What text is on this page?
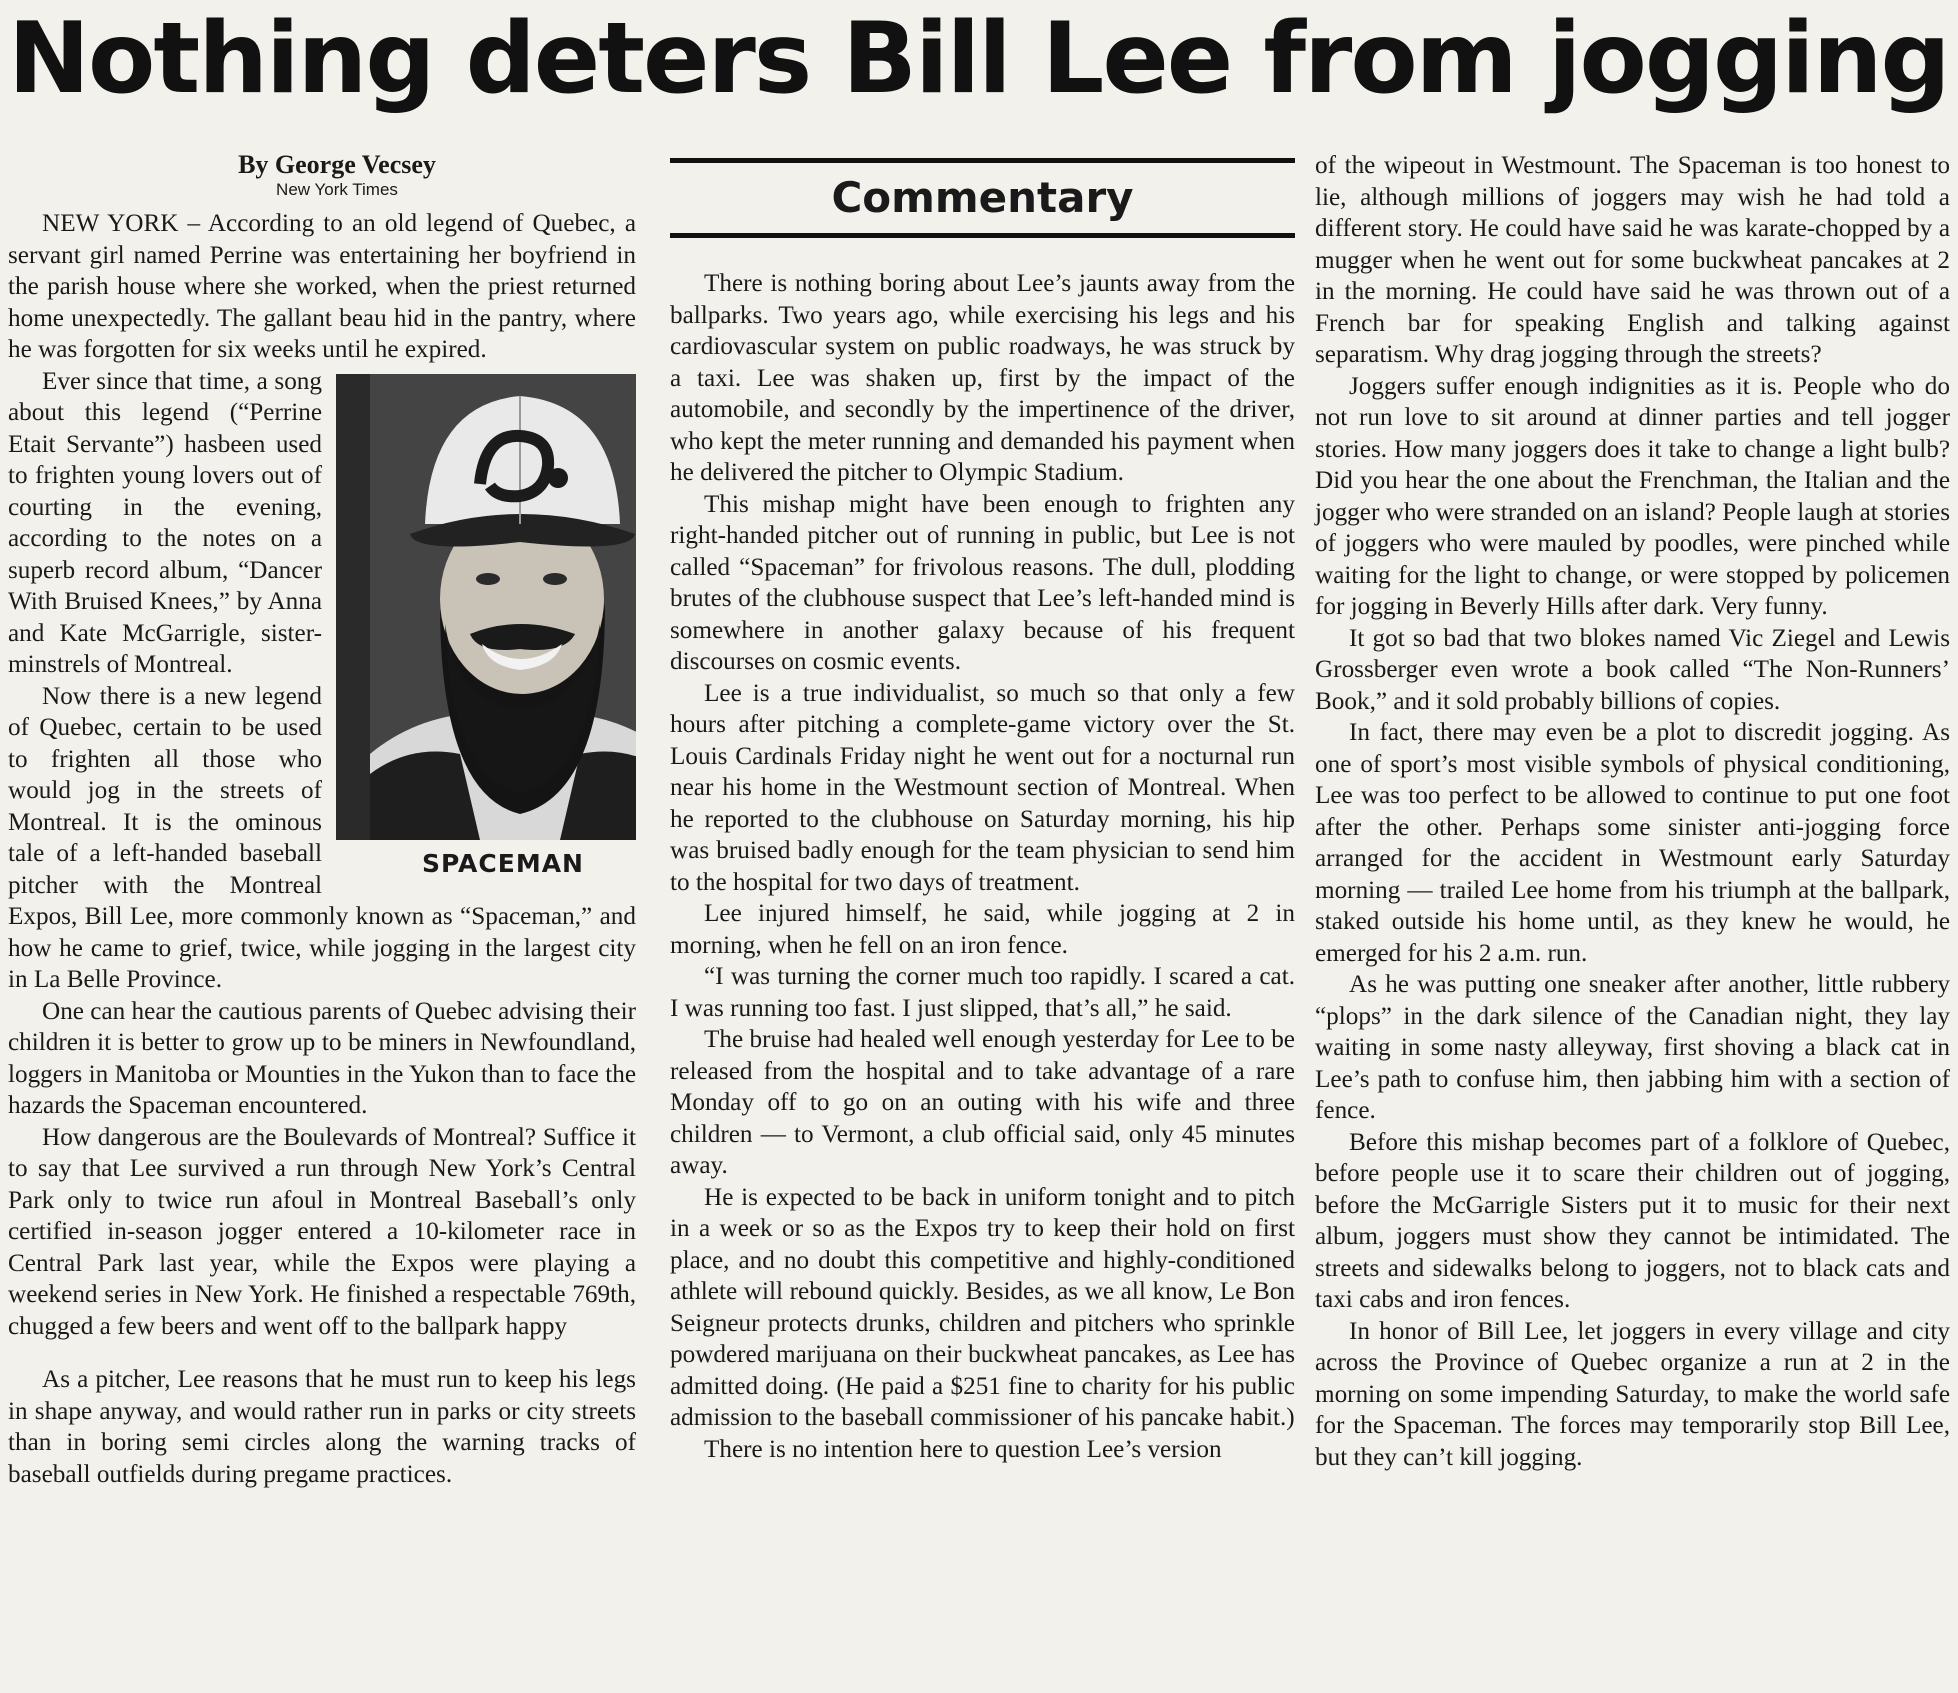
Nothing deters Bill Lee from jogging
By George Vecsey
New York Times

NEW YORK – According to an old legend of Quebec, a servant girl named Perrine was entertaining her boyfriend in the parish house where she worked, when the priest returned home unexpectedly. The gallant beau hid in the pantry, where he was forgotten for six weeks until he expired.

SPACEMAN
Ever since that time, a song about this legend (“Perrine Etait Servante”) hasbeen used to frighten young lovers out of courting in the evening, according to the notes on a superb record album, “Dancer With Bruised Knees,” by Anna and Kate McGarrigle, sister-minstrels of Montreal.

Now there is a new legend of Quebec, certain to be used to frighten all those who would jog in the streets of Montreal. It is the ominous tale of a left-handed baseball pitcher with the Montreal Expos, Bill Lee, more commonly known as “Spaceman,” and how he came to grief, twice, while jogging in the largest city in La Belle Province.

One can hear the cautious parents of Quebec advising their children it is better to grow up to be miners in Newfoundland, loggers in Manitoba or Mounties in the Yukon than to face the hazards the Spaceman encountered.

How dangerous are the Boulevards of Montreal? Suffice it to say that Lee survived a run through New York’s Central Park only to twice run afoul in Montreal Baseball’s only certified in-season jogger entered a 10-kilometer race in Central Park last year, while the Expos were playing a weekend series in New York. He finished a respectable 769th, chugged a few beers and went off to the ballpark happy

As a pitcher, Lee reasons that he must run to keep his legs in shape anyway, and would rather run in parks or city streets than in boring semi circles along the warning tracks of baseball outfields during pregame practices.

Commentary

There is nothing boring about Lee’s jaunts away from the ballparks. Two years ago, while exercising his legs and his cardiovascular system on public roadways, he was struck by a taxi. Lee was shaken up, first by the impact of the automobile, and secondly by the impertinence of the driver, who kept the meter running and demanded his payment when he delivered the pitcher to Olympic Stadium.

This mishap might have been enough to frighten any right-handed pitcher out of running in public, but Lee is not called “Spaceman” for frivolous reasons. The dull, plodding brutes of the clubhouse suspect that Lee’s left-handed mind is somewhere in another galaxy because of his frequent discourses on cosmic events.

Lee is a true individualist, so much so that only a few hours after pitching a complete-game victory over the St. Louis Cardinals Friday night he went out for a nocturnal run near his home in the Westmount section of Montreal. When he reported to the clubhouse on Saturday morning, his hip was bruised badly enough for the team physician to send him to the hospital for two days of treatment.

Lee injured himself, he said, while jogging at 2 in morning, when he fell on an iron fence.

“I was turning the corner much too rapidly. I scared a cat. I was running too fast. I just slipped, that’s all,” he said.

The bruise had healed well enough yesterday for Lee to be released from the hospital and to take advantage of a rare Monday off to go on an outing with his wife and three children — to Vermont, a club official said, only 45 minutes away.

He is expected to be back in uniform tonight and to pitch in a week or so as the Expos try to keep their hold on first place, and no doubt this competitive and highly-conditioned athlete will rebound quickly. Besides, as we all know, Le Bon Seigneur protects drunks, children and pitchers who sprinkle powdered marijuana on their buckwheat pancakes, as Lee has admitted doing. (He paid a $251 fine to charity for his public admission to the baseball commissioner of his pancake habit.)

There is no intention here to question Lee’s version

of the wipeout in Westmount. The Spaceman is too honest to lie, although millions of joggers may wish he had told a different story. He could have said he was karate-chopped by a mugger when he went out for some buckwheat pancakes at 2 in the morning. He could have said he was thrown out of a French bar for speaking English and talking against separatism. Why drag jogging through the streets?

Joggers suffer enough indignities as it is. People who do not run love to sit around at dinner parties and tell jogger stories. How many joggers does it take to change a light bulb? Did you hear the one about the Frenchman, the Italian and the jogger who were stranded on an island? People laugh at stories of joggers who were mauled by poodles, were pinched while waiting for the light to change, or were stopped by policemen for jogging in Beverly Hills after dark. Very funny.

It got so bad that two blokes named Vic Ziegel and Lewis Grossberger even wrote a book called “The Non-Runners’ Book,” and it sold probably billions of copies.

In fact, there may even be a plot to discredit jogging. As one of sport’s most visible symbols of physical conditioning, Lee was too perfect to be allowed to continue to put one foot after the other. Perhaps some sinister anti-jogging force arranged for the accident in Westmount early Saturday morning — trailed Lee home from his triumph at the ballpark, staked outside his home until, as they knew he would, he emerged for his 2 a.m. run.

As he was putting one sneaker after another, little rubbery “plops” in the dark silence of the Canadian night, they lay waiting in some nasty alleyway, first shoving a black cat in Lee’s path to confuse him, then jabbing him with a section of fence.

Before this mishap becomes part of a folklore of Quebec, before people use it to scare their children out of jogging, before the McGarrigle Sisters put it to music for their next album, joggers must show they cannot be intimidated. The streets and sidewalks belong to joggers, not to black cats and taxi cabs and iron fences.

In honor of Bill Lee, let joggers in every village and city across the Province of Quebec organize a run at 2 in the morning on some impending Saturday, to make the world safe for the Spaceman. The forces may temporarily stop Bill Lee, but they can’t kill jogging.
